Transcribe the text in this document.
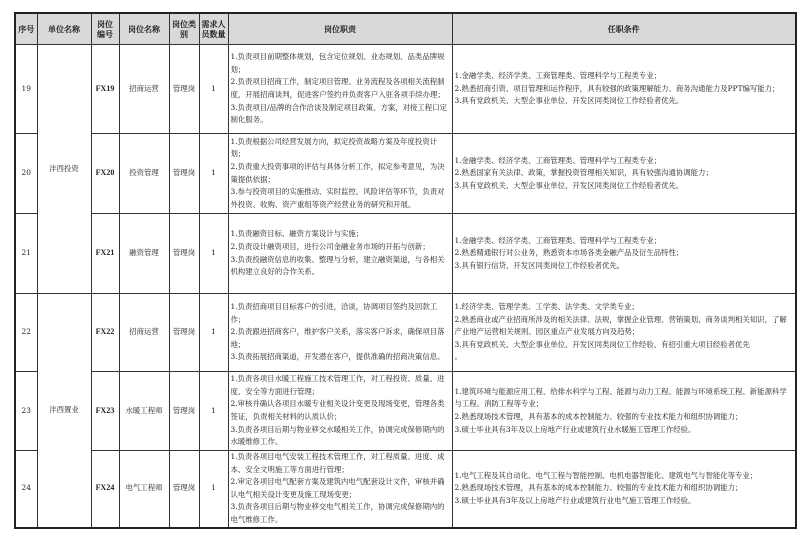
序号	单位名称	岗位编号	岗位名称	岗位类别	需求人员数量	岗位职责	任职条件
19	沣西投资	FX19	招商运营	管理岗	1	1.负责项目前期整体规划，包含定位规划、业态规划、品类品牌规划；
2.负责项目招商工作，制定项目管理、业务流程及各项相关流程制度，开展招商谈判，促进客户签约并负责客户入驻各项手续办理；
3.负责项目/品牌的合作洽谈及制定项目政策、方案，对接工程口定制化服务。	1.金融学类、经济学类、工商管理类、管理科学与工程类专业；
2.熟悉招商引资、项目管理和运作程序，具有较强的政策理解能力、商务沟通能力及PPT编写能力；
3.具有党政机关、大型企事业单位、开发区同类岗位工作经验者优先。
20		FX20	投资管理	管理岗	1	1.负责根据公司经营发展方向，拟定投资战略方案及年度投资计划；
2.负责重大投资事项的评估与具体分析工作，拟定参考意见，为决策提供依据；
3.参与投资项目的实施推动、实时监控、风险评估等环节，负责对外投资、收购、资产重组等资产经营业务的研究和开展。	1.金融学类、经济学类、工商管理类、管理科学与工程类专业；
2.熟悉国家有关法律、政策，掌握投资管理相关知识，具有较强沟通协调能力；
3.具有党政机关、大型企事业单位、开发区同类岗位工作经验者优先。
21		FX21	融资管理	管理岗	1	1.负责融资目标、融资方案设计与实施；
2.负责设计融资项目，进行公司金融业务市场的开拓与创新；
3.负责投融资信息的收集、整理与分析，建立融资渠道，与各相关机构建立良好的合作关系。	1.金融学类、经济学类、工商管理类、管理科学与工程类专业；
2.熟悉精通银行对公业务，熟悉资本市场各类金融产品及衍生品特性；
3.具有银行信贷、开发区同类岗位工作经验者优先。
22	沣西置业	FX22	招商运营	管理岗	1	1.负责招商项目目标客户的引进，洽谈，协调项目签约及回款工作；
2.负责跟进招商客户，维护客户关系，落实客户诉求，确保项目落地；
3.负责拓展招商渠道，开发潜在客户，提供准确的招商决策信息。	1.经济学类、管理学类、工学类、法学类、文学类专业；
2.熟悉商业或产业招商所涉及的相关法律、法规，掌握企业管理、营销策划、商务谈判相关知识，了解产业地产运营相关规则、园区重点产业发展方向及趋势；
3.具有党政机关、大型企事业单位、开发区同类岗位工作经验、有招引重大项目经验者优先
。
23		FX23	水暖工程师	管理岗	1	1.负责各项目水暖工程施工技术管理工作，对工程投资、质量、进度、安全等方面进行管理；
2.审核并确认各项目水暖专业相关设计变更及现场变更，管理各类签证，负责相关材料的认质认价；
3.负责各项目后期与物业移交水暖相关工作，协调完成保修期内的水暖维修工作。	1.建筑环境与能源应用工程、给排水科学与工程、能源与动力工程、能源与环境系统工程、新能源科学与工程、消防工程等专业；
2.熟悉现场技术管理，具有基本的成本控制能力、较强的专业技术能力和组织协调能力；
3.硕士毕业具有3年及以上房地产行业或建筑行业水暖施工管理工作经验。
24		FX24	电气工程师	管理岗	1	1.负责各项目电气安装工程技术管理工作，对工程质量、进度、成本、安全文明施工等方面进行管理；
2.审定各项目电气配套方案及建筑内电气配套设计文件，审核并确认电气相关设计变更及施工现场变更；
3.负责各项目后期与物业移交电气相关工作，协调完成保修期内的电气维修工作。	1.电气工程及其自动化、电气工程与智能控制、电机电器智能化、建筑电气与智能化等专业；
2.熟悉现场技术管理，具有基本的成本控制能力、较强的专业技术能力和组织协调能力；
3.硕士毕业具有3年及以上房地产行业或建筑行业电气施工管理工作经验。
